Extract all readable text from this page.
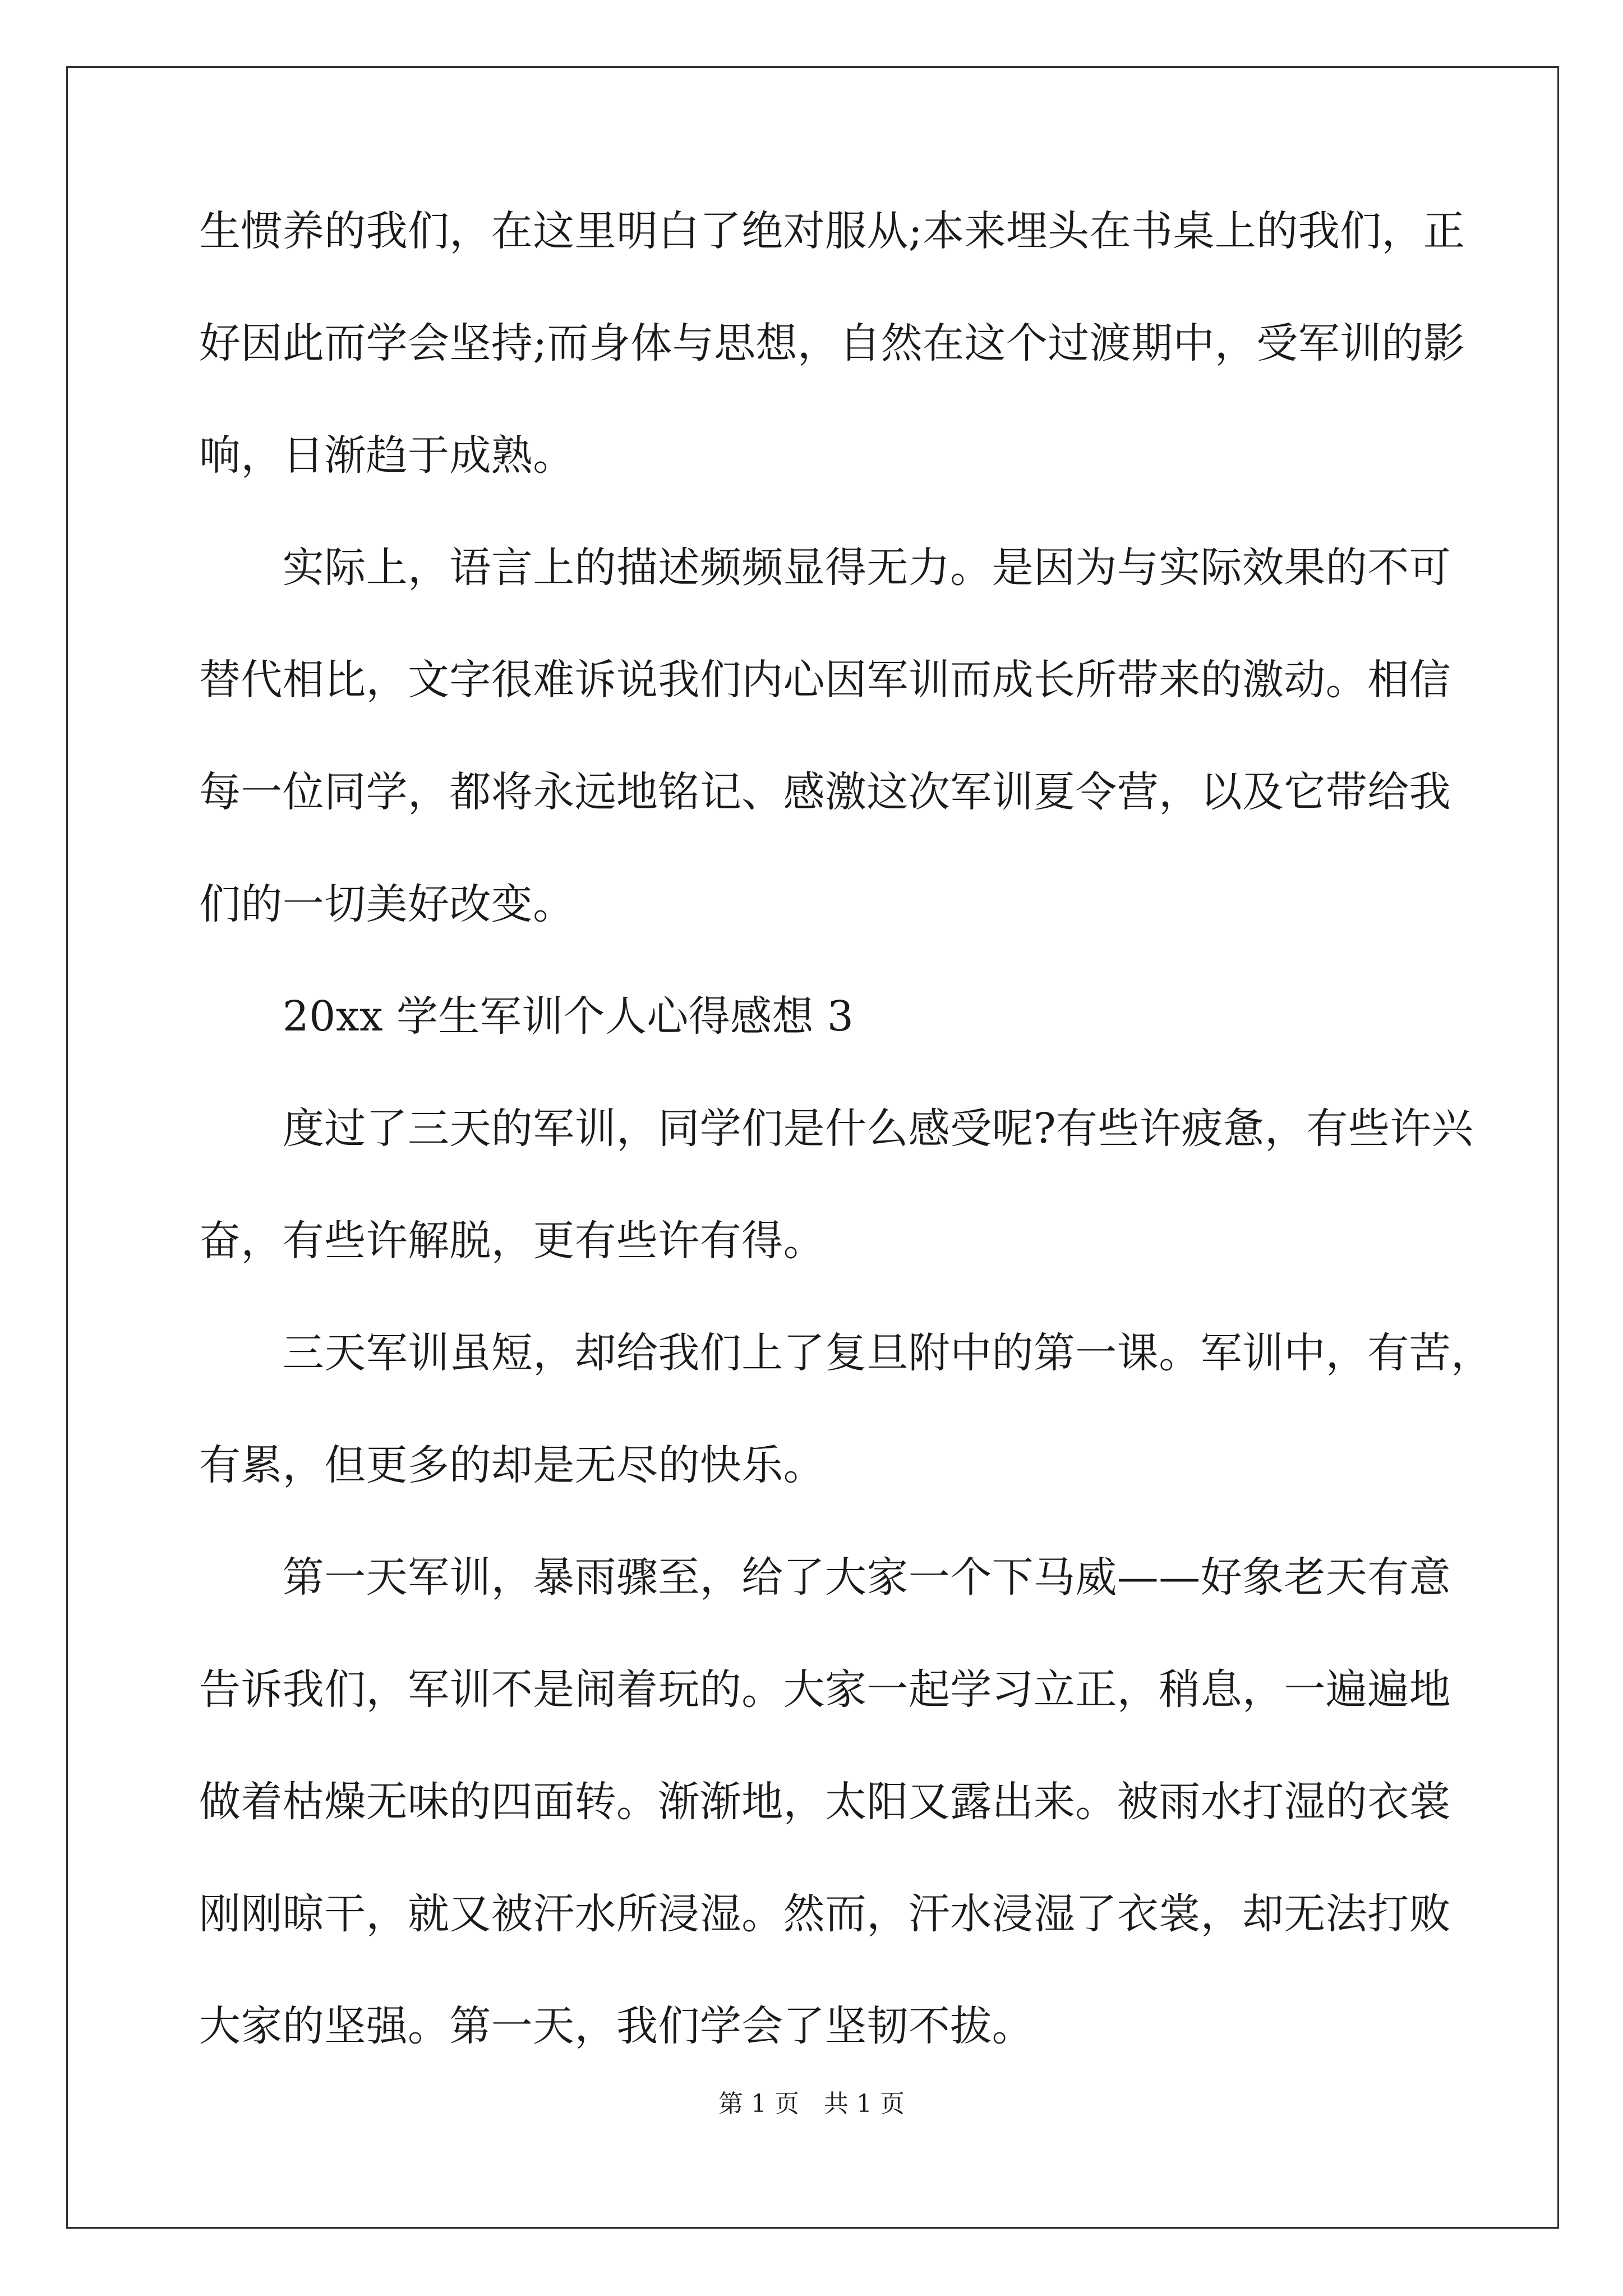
生惯养的我们，在这里明白了绝对服从;本来埋头在书桌上的我们，正
好因此而学会坚持;而身体与思想，自然在这个过渡期中，受军训的影
响，日渐趋于成熟。
　　实际上，语言上的描述频频显得无力。是因为与实际效果的不可
替代相比，文字很难诉说我们内心因军训而成长所带来的激动。相信
每一位同学，都将永远地铭记、感激这次军训夏令营，以及它带给我
们的一切美好改变。
　　20xx 学生军训个人心得感想 3
　　度过了三天的军训，同学们是什么感受呢?有些许疲惫，有些许兴
奋，有些许解脱，更有些许有得。
　　三天军训虽短，却给我们上了复旦附中的第一课。军训中，有苦，
有累，但更多的却是无尽的快乐。
　　第一天军训，暴雨骤至，给了大家一个下马威——好象老天有意
告诉我们，军训不是闹着玩的。大家一起学习立正，稍息，一遍遍地
做着枯燥无味的四面转。渐渐地，太阳又露出来。被雨水打湿的衣裳
刚刚晾干，就又被汗水所浸湿。然而，汗水浸湿了衣裳，却无法打败
大家的坚强。第一天，我们学会了坚韧不拔。
第 1 页　共 1 页
